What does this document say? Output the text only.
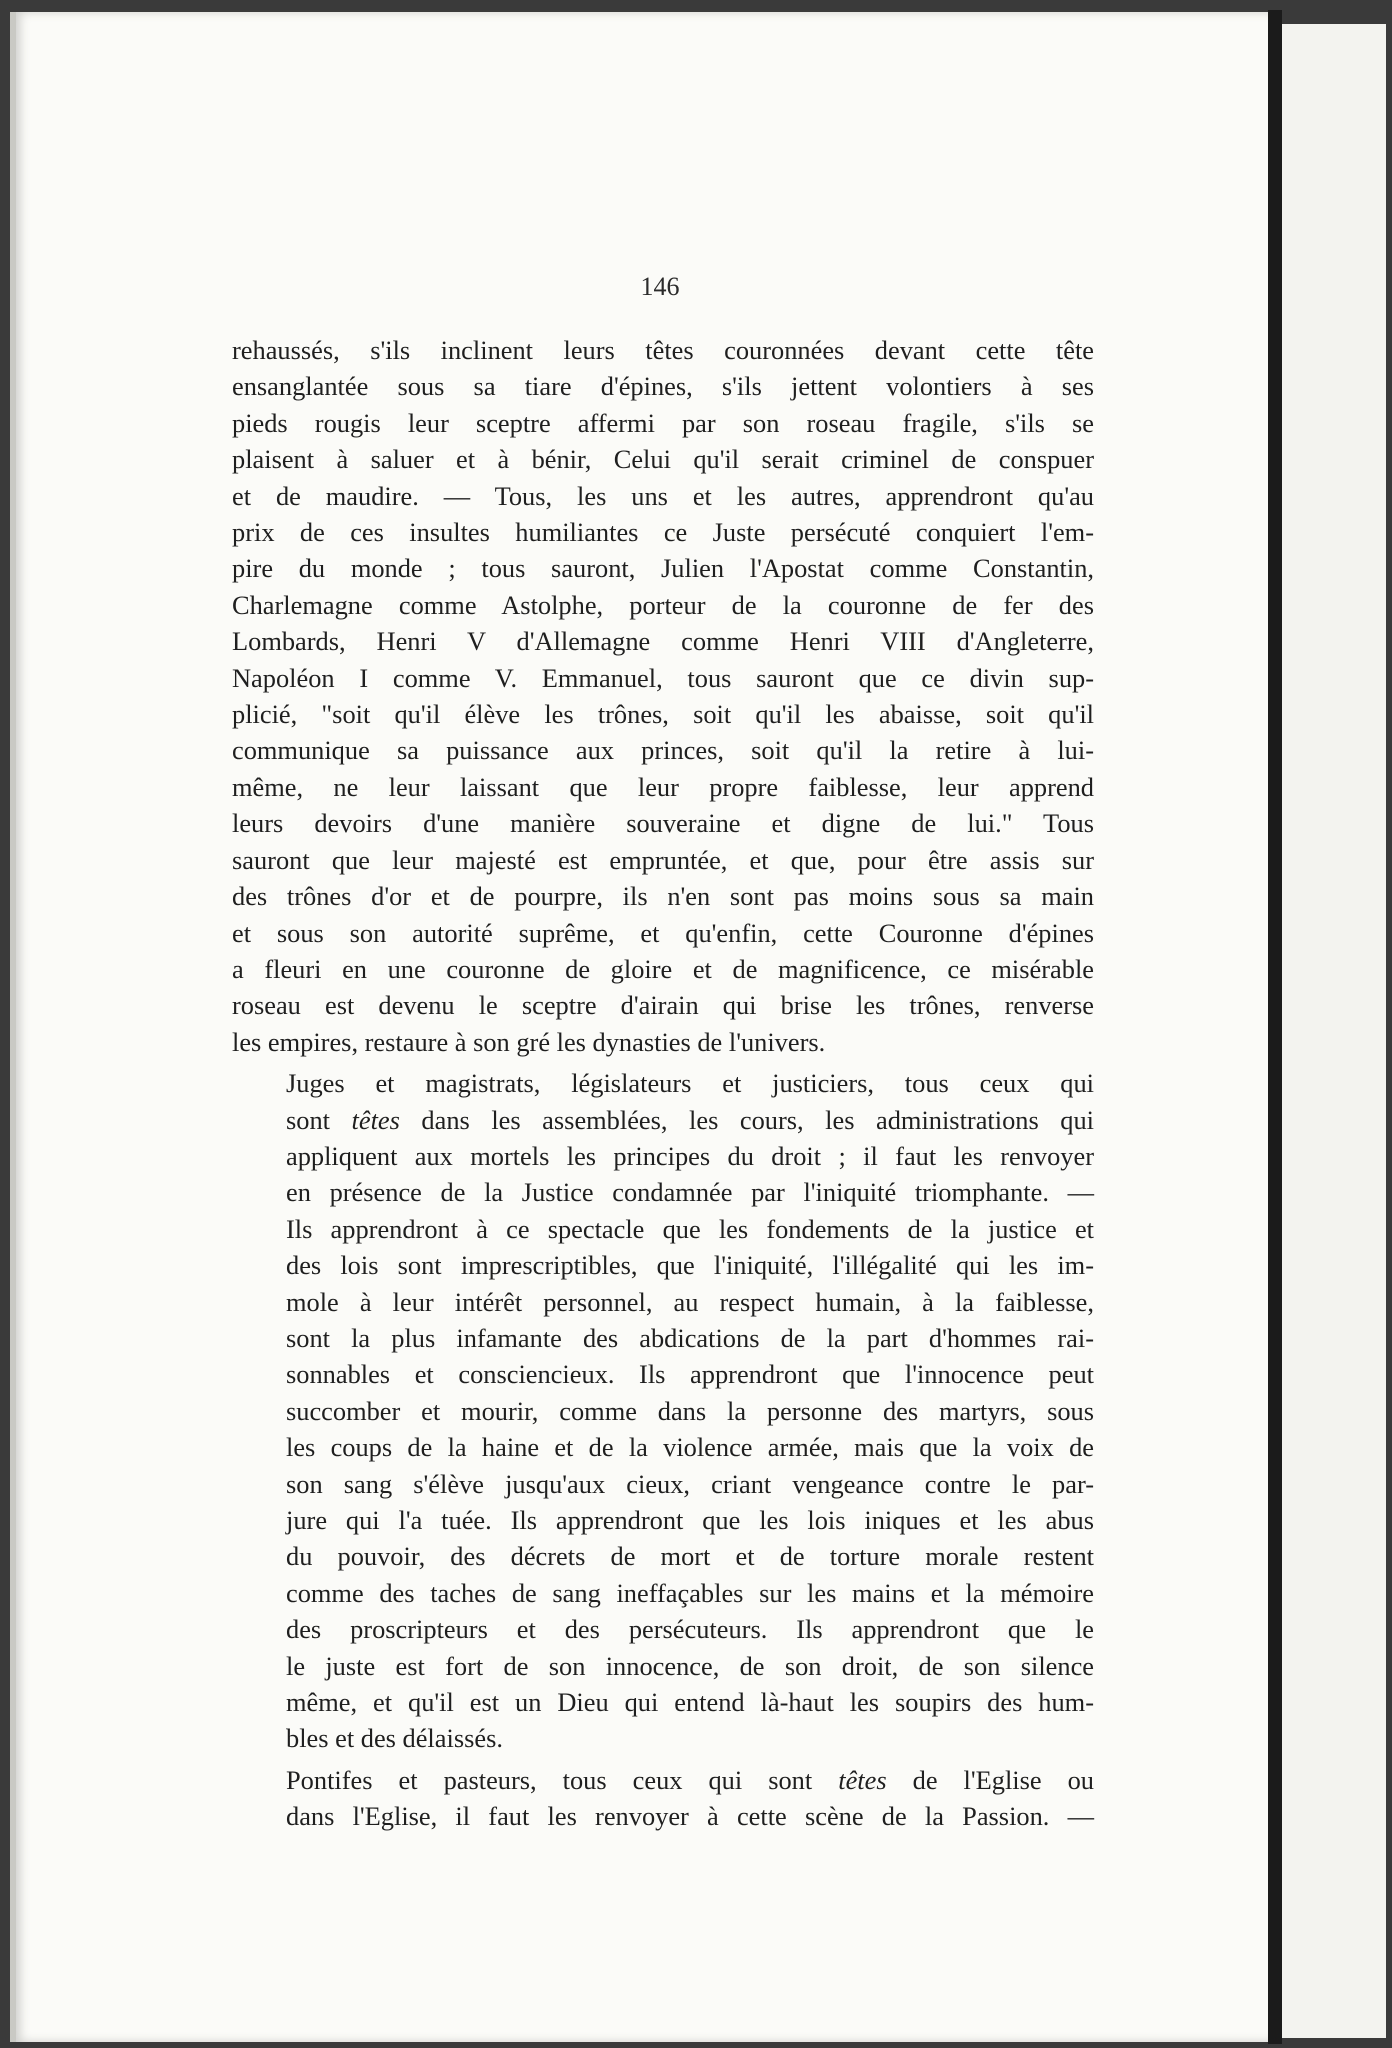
146

rehaussés, s'ils inclinent leurs têtes couronnées devant cette tête
ensanglantée sous sa tiare d'épines, s'ils jettent volontiers à ses
pieds rougis leur sceptre affermi par son roseau fragile, s'ils se
plaisent à saluer et à bénir, Celui qu'il serait criminel de conspuer
et de maudire. — Tous, les uns et les autres, apprendront qu'au
prix de ces insultes humiliantes ce Juste persécuté conquiert l'em-
pire du monde ; tous sauront, Julien l'Apostat comme Constantin,
Charlemagne comme Astolphe, porteur de la couronne de fer des
Lombards, Henri V d'Allemagne comme Henri VIII d'Angleterre,
Napoléon I comme V. Emmanuel, tous sauront que ce divin sup-
plicié, "soit qu'il élève les trônes, soit qu'il les abaisse, soit qu'il
communique sa puissance aux princes, soit qu'il la retire à lui-
même, ne leur laissant que leur propre faiblesse, leur apprend
leurs devoirs d'une manière souveraine et digne de lui." Tous
sauront que leur majesté est empruntée, et que, pour être assis sur
des trônes d'or et de pourpre, ils n'en sont pas moins sous sa main
et sous son autorité suprême, et qu'enfin, cette Couronne d'épines
a fleuri en une couronne de gloire et de magnificence, ce misérable
roseau est devenu le sceptre d'airain qui brise les trônes, renverse
les empires, restaure à son gré les dynasties de l'univers.

Juges et magistrats, législateurs et justiciers, tous ceux qui
sont têtes dans les assemblées, les cours, les administrations qui
appliquent aux mortels les principes du droit ; il faut les renvoyer
en présence de la Justice condamnée par l'iniquité triomphante. —
Ils apprendront à ce spectacle que les fondements de la justice et
des lois sont imprescriptibles, que l'iniquité, l'illégalité qui les im-
mole à leur intérêt personnel, au respect humain, à la faiblesse,
sont la plus infamante des abdications de la part d'hommes rai-
sonnables et consciencieux. Ils apprendront que l'innocence peut
succomber et mourir, comme dans la personne des martyrs, sous
les coups de la haine et de la violence armée, mais que la voix de
son sang s'élève jusqu'aux cieux, criant vengeance contre le par-
jure qui l'a tuée. Ils apprendront que les lois iniques et les abus
du pouvoir, des décrets de mort et de torture morale restent
comme des taches de sang ineffaçables sur les mains et la mémoire
des proscripteurs et des persécuteurs. Ils apprendront que le
le juste est fort de son innocence, de son droit, de son silence
même, et qu'il est un Dieu qui entend là-haut les soupirs des hum-
bles et des délaissés.

Pontifes et pasteurs, tous ceux qui sont têtes de l'Eglise ou
dans l'Eglise, il faut les renvoyer à cette scène de la Passion. —
